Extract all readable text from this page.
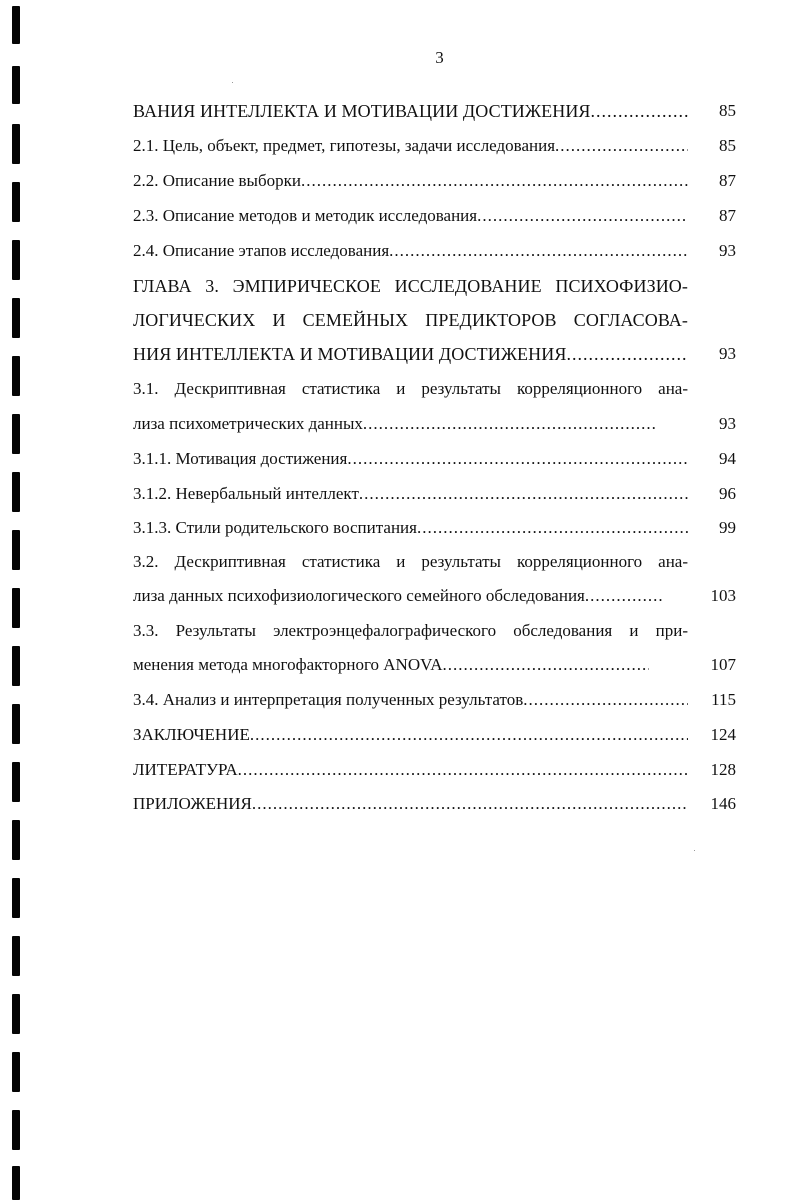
3
ВАНИЯ ИНТЕЛЛЕКТА И МОТИВАЦИИ ДОСТИЖЕНИЯ .....	85
2.1. Цель, объект, предмет, гипотезы, задачи исследования .....	85
2.2. Описание выборки .....	87
2.3. Описание методов и методик исследования .....	87
2.4. Описание этапов исследования .....	93
ГЛАВА 3. ЭМПИРИЧЕСКОЕ ИССЛЕДОВАНИЕ ПСИХОФИЗИО-
ЛОГИЧЕСКИХ И СЕМЕЙНЫХ ПРЕДИКТОРОВ СОГЛАСОВА-
НИЯ ИНТЕЛЛЕКТА И МОТИВАЦИИ ДОСТИЖЕНИЯ .....	93
3.1. Дескриптивная статистика и результаты корреляционного ана-
лиза психометрических данных .....	93
3.1.1. Мотивация достижения .....	94
3.1.2. Невербальный интеллект .....	96
3.1.3. Стили родительского воспитания .....	99
3.2. Дескриптивная статистика и результаты корреляционного ана-
лиза данных психофизиологического семейного обследования .....	103
3.3. Результаты электроэнцефалографического обследования и при-
менения метода многофакторного ANOVA .....	107
3.4. Анализ и интерпретация полученных результатов .....	115
ЗАКЛЮЧЕНИЕ .....	124
ЛИТЕРАТУРА .....	128
ПРИЛОЖЕНИЯ .....	146
